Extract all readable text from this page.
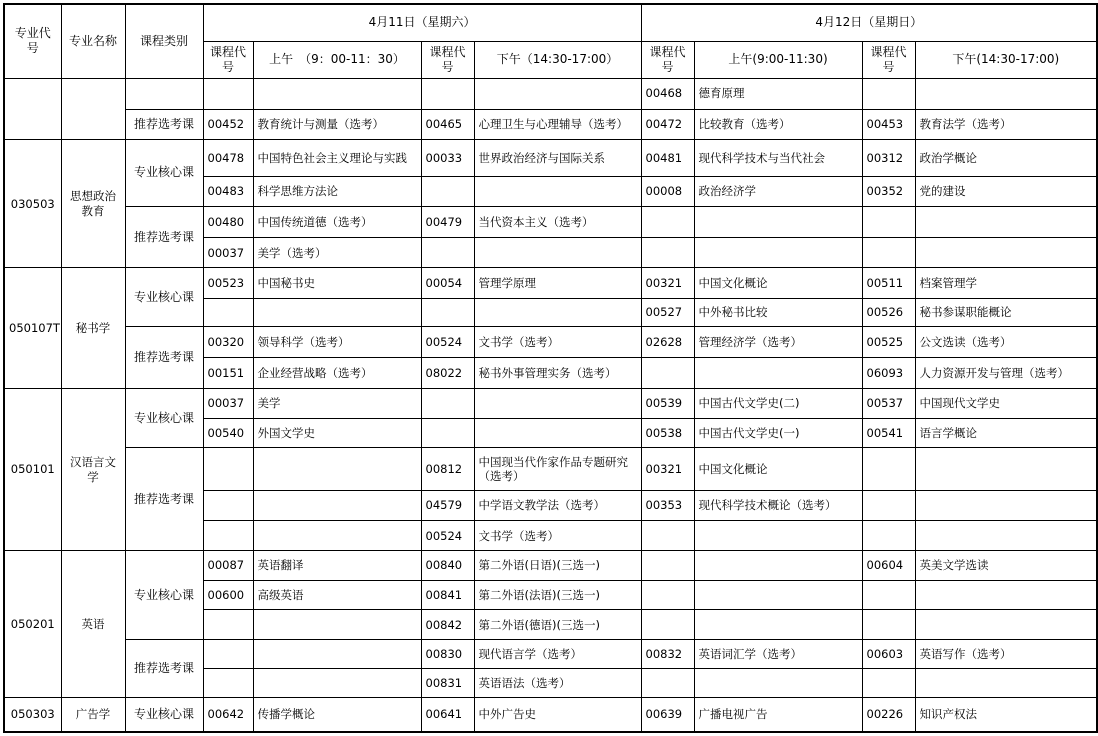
专业代号	专业名称	课程类别	4月11日（星期六）				4月12日（星期日）			
			课程代号	上午　（9：00-11：30）	课程代号	下午（14:30-17:00）	课程代号	上午(9:00-11:30)	课程代号	下午(14:30-17:00)
							00468	德育原理		
		推荐选考课	00452	教育统计与测量（选考）	00465	心理卫生与心理辅导（选考）	00472	比较教育（选考）	00453	教育法学（选考）
030503	思想政治教育	专业核心课	00478	中国特色社会主义理论与实践	00033	世界政治经济与国际关系	00481	现代科学技术与当代社会	00312	政治学概论
			00483	科学思维方法论			00008	政治经济学	00352	党的建设
		推荐选考课	00480	中国传统道德（选考）	00479	当代资本主义（选考）				
			00037	美学（选考）						
050107T	秘书学	专业核心课	00523	中国秘书史	00054	管理学原理	00321	中国文化概论	00511	档案管理学
							00527	中外秘书比较	00526	秘书参谋职能概论
		推荐选考课	00320	领导科学（选考）	00524	文书学（选考）	02628	管理经济学（选考）	00525	公文选读（选考）
			00151	企业经营战略（选考）	08022	秘书外事管理实务（选考）			06093	人力资源开发与管理（选考）
050101	汉语言文学	专业核心课	00037	美学			00539	中国古代文学史(二)	00537	中国现代文学史
			00540	外国文学史			00538	中国古代文学史(一)	00541	语言学概论
		推荐选考课			00812	中国现当代作家作品专题研究（选考）	00321	中国文化概论		
					04579	中学语文教学法（选考）	00353	现代科学技术概论（选考）		
					00524	文书学（选考）				
050201	英语	专业核心课	00087	英语翻译	00840	第二外语(日语)(三选一)			00604	英美文学选读
			00600	高级英语	00841	第二外语(法语)(三选一)				
					00842	第二外语(德语)(三选一)				
		推荐选考课			00830	现代语言学（选考）	00832	英语词汇学（选考）	00603	英语写作（选考）
					00831	英语语法（选考）				
050303	广告学	专业核心课	00642	传播学概论	00641	中外广告史	00639	广播电视广告	00226	知识产权法
